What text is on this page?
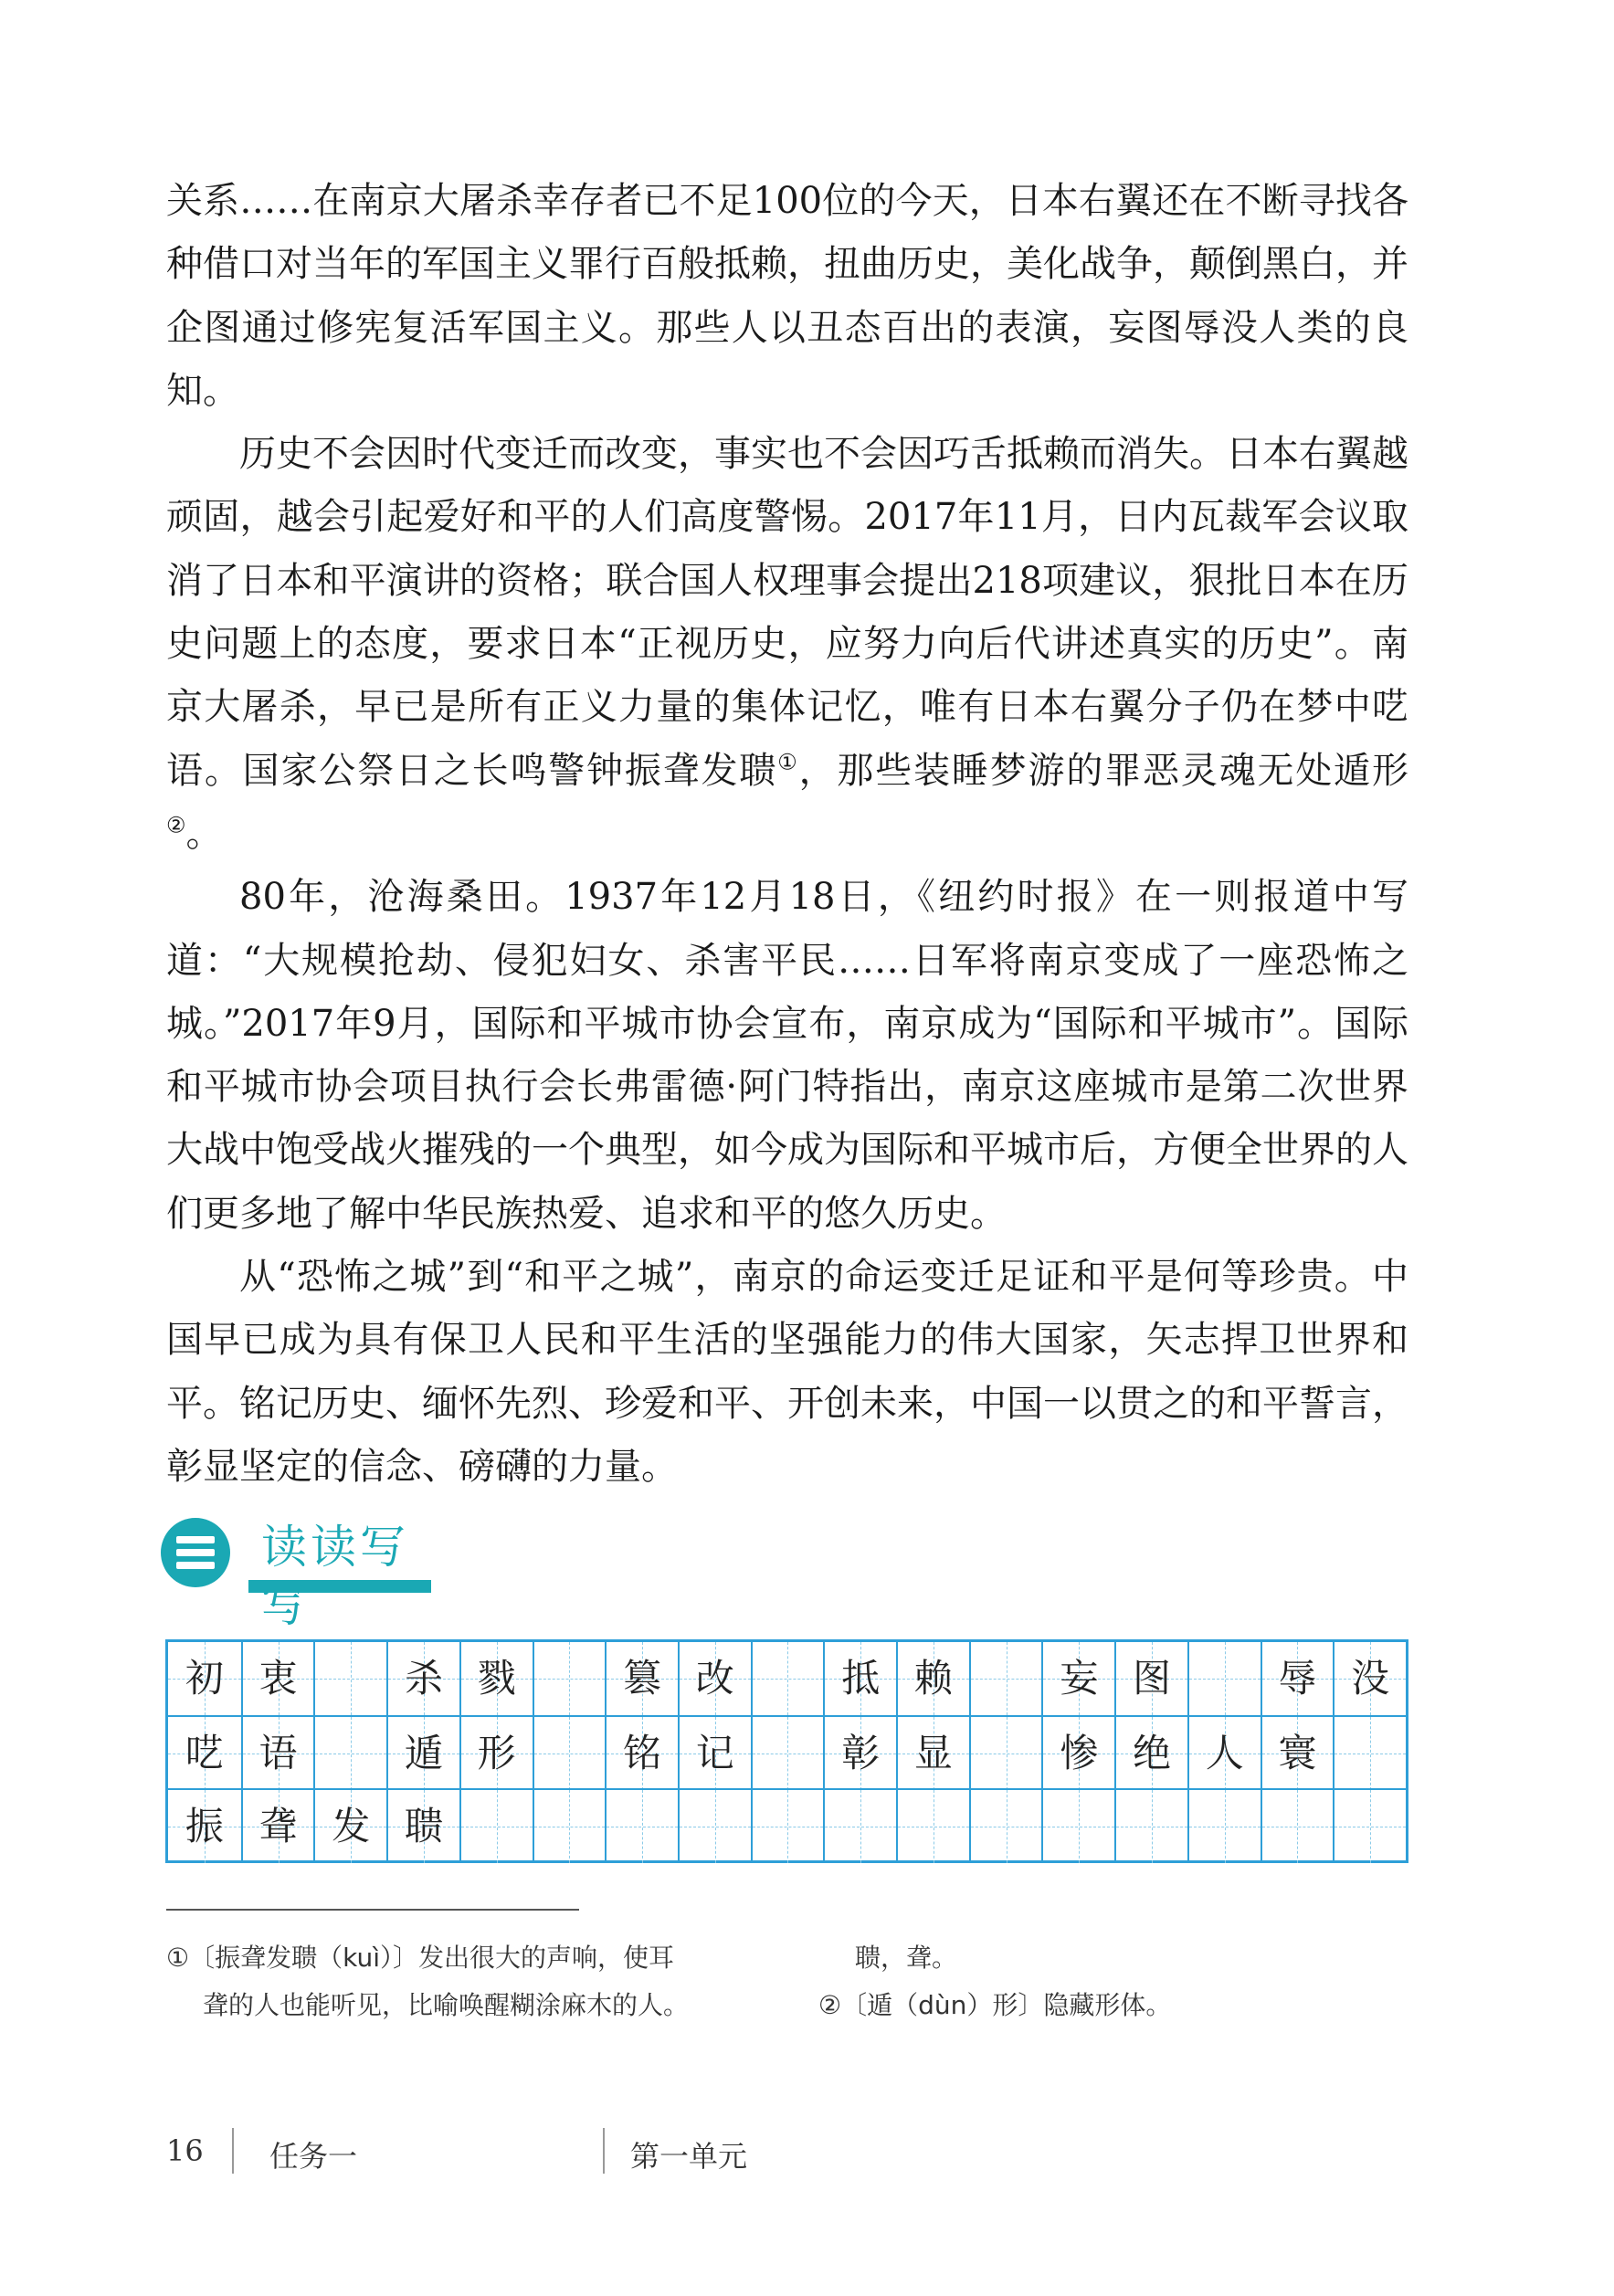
关系……在南京大屠杀幸存者已不足100位的今天，日本右翼还在不断寻找各种借口对当年的军国主义罪行百般抵赖，扭曲历史，美化战争，颠倒黑白，并企图通过修宪复活军国主义。那些人以丑态百出的表演，妄图辱没人类的良知。

历史不会因时代变迁而改变，事实也不会因巧舌抵赖而消失。日本右翼越顽固，越会引起爱好和平的人们高度警惕。2017年11月，日内瓦裁军会议取消了日本和平演讲的资格；联合国人权理事会提出218项建议，狠批日本在历史问题上的态度，要求日本“正视历史，应努力向后代讲述真实的历史”。南京大屠杀，早已是所有正义力量的集体记忆，唯有日本右翼分子仍在梦中呓语。国家公祭日之长鸣警钟振聋发聩①，那些装睡梦游的罪恶灵魂无处遁形②。

80年，沧海桑田。1937年12月18日，《纽约时报》在一则报道中写道：“大规模抢劫、侵犯妇女、杀害平民……日军将南京变成了一座恐怖之城。”2017年9月，国际和平城市协会宣布，南京成为“国际和平城市”。国际和平城市协会项目执行会长弗雷德·阿门特指出，南京这座城市是第二次世界大战中饱受战火摧残的一个典型，如今成为国际和平城市后，方便全世界的人们更多地了解中华民族热爱、追求和平的悠久历史。

从“恐怖之城”到“和平之城”，南京的命运变迁足证和平是何等珍贵。中国早已成为具有保卫人民和平生活的坚强能力的伟大国家，矢志捍卫世界和平。铭记历史、缅怀先烈、珍爱和平、开创未来，中国一以贯之的和平誓言，彰显坚定的信念、磅礴的力量。

读读写写
初 衷	杀 戮	篡 改	抵 赖	妄 图	辱 没
呓 语	遁 形	铭 记	彰 显	惨 绝 人 寰
振 聋 发 聩
①〔振聋发聩（kuì）〕发出很大的声响，使耳
聋的人也能听见，比喻唤醒糊涂麻木的人。
聩，聋。
②〔遁（dùn）形〕隐藏形体。
16 任务一	第一单元
